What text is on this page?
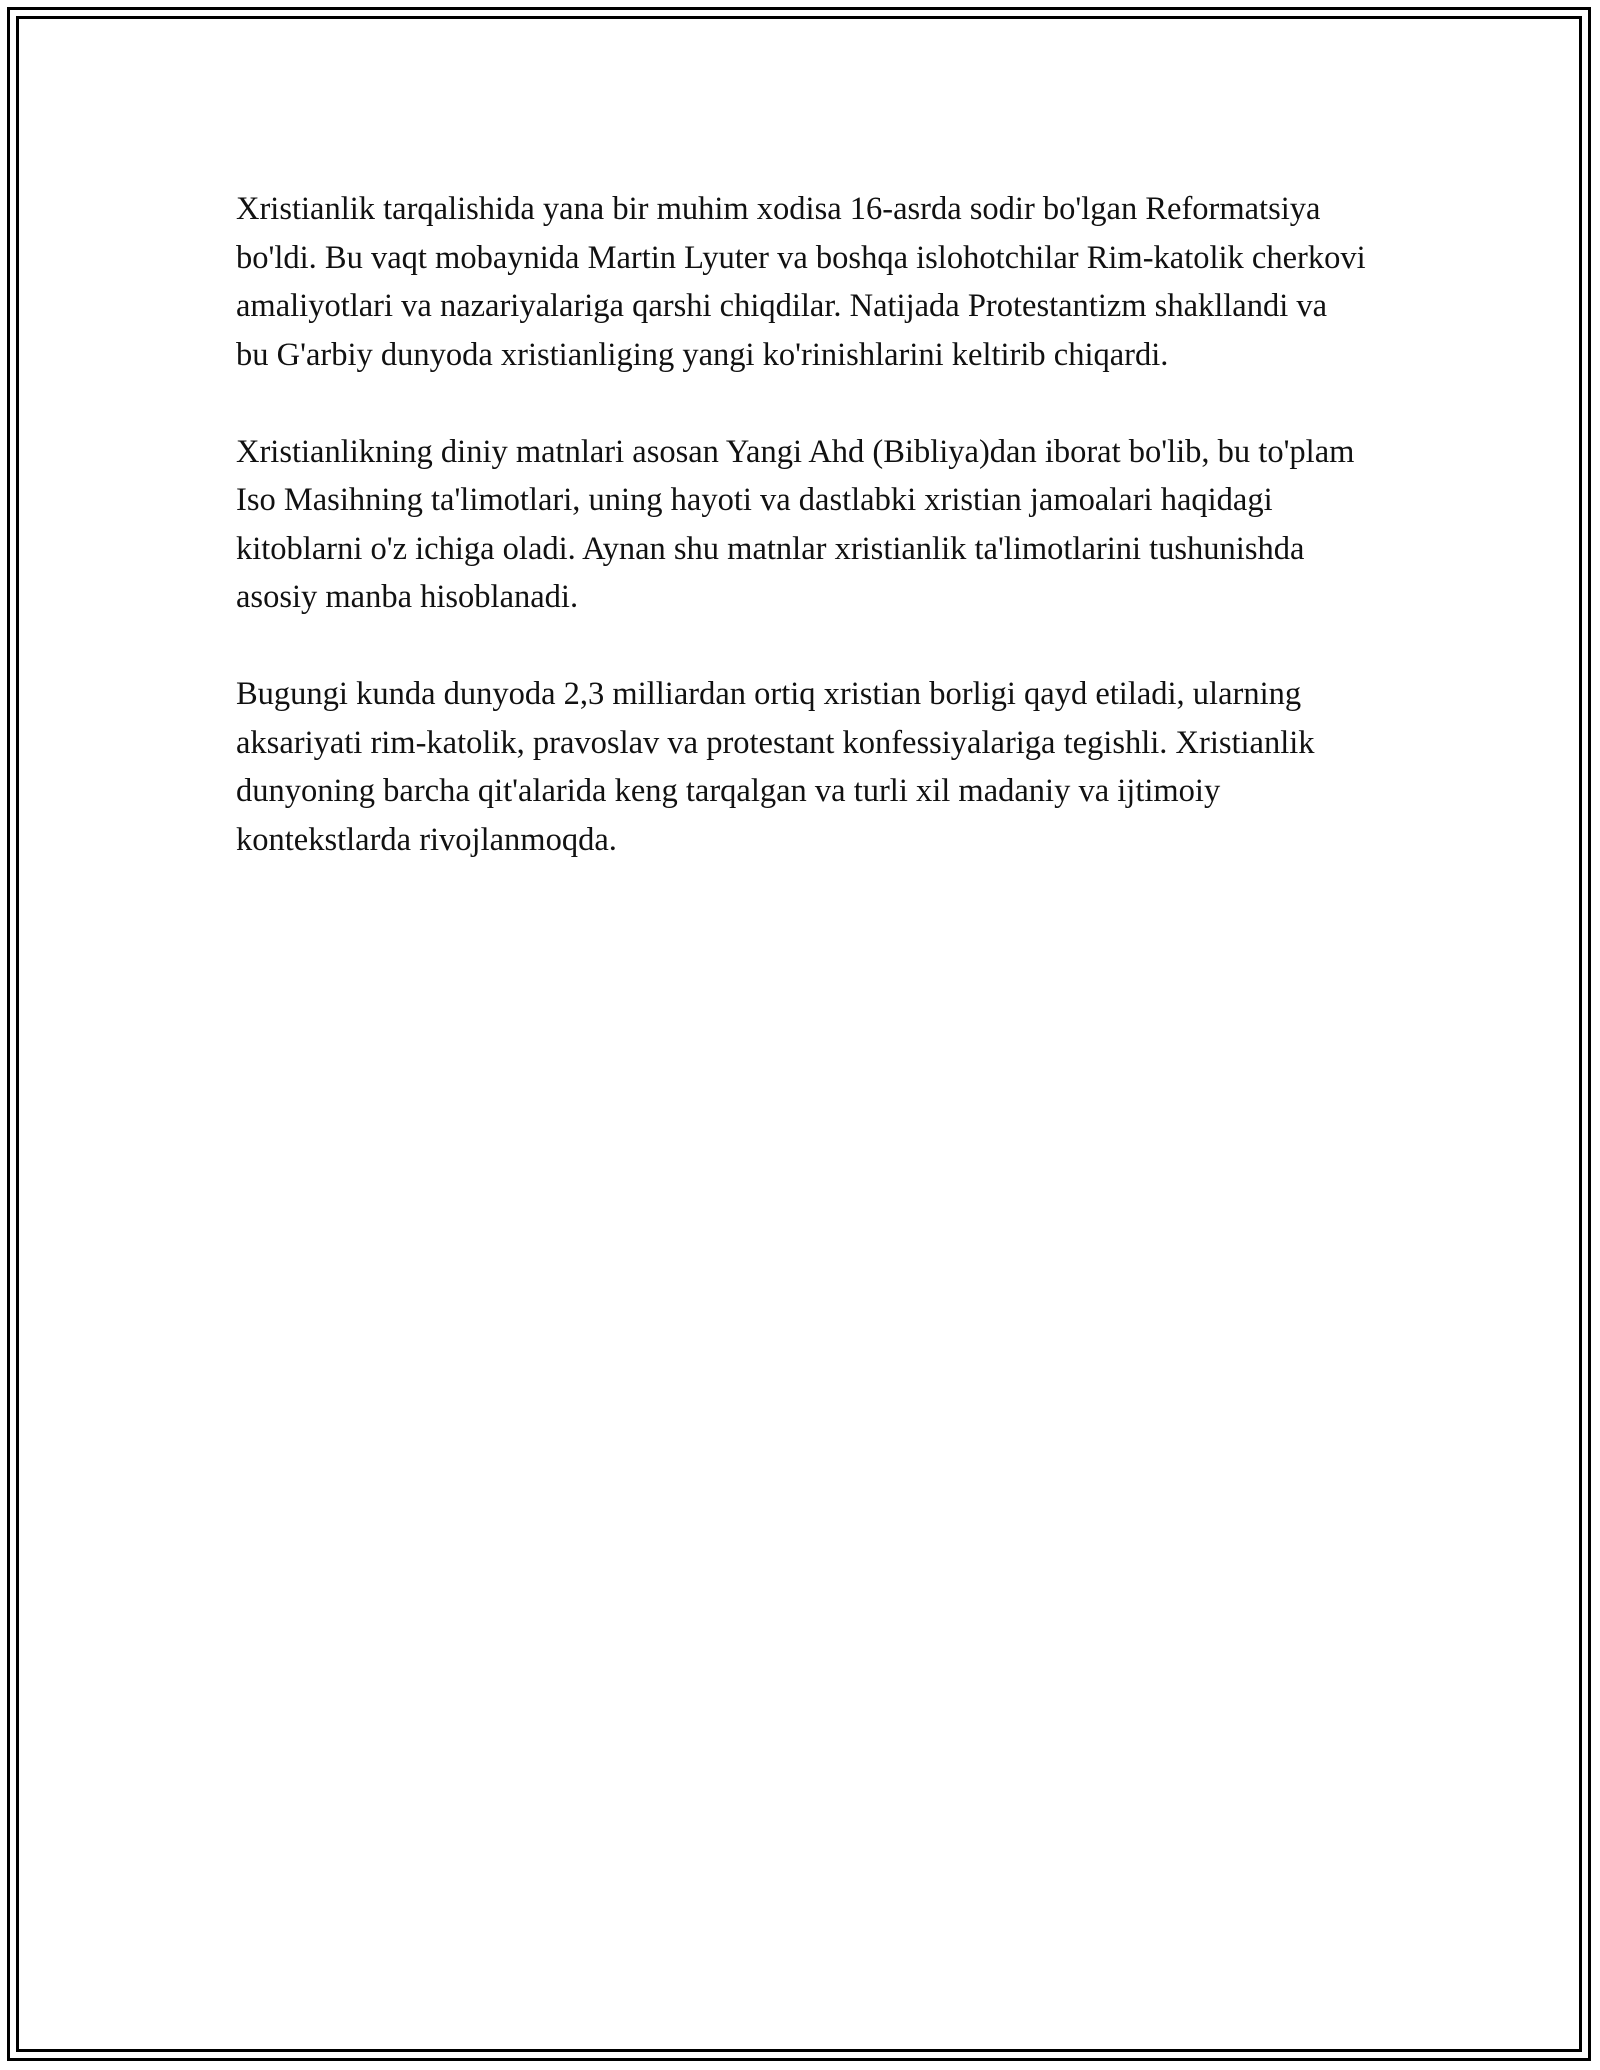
Xristianlik tarqalishida yana bir muhim xodisa 16-asrda sodir bo'lgan Reformatsiya bo'ldi. Bu vaqt mobaynida Martin Lyuter va boshqa islohotchilar Rim-katolik cherkovi amaliyotlari va nazariyalariga qarshi chiqdilar. Natijada Protestantizm shakllandi va bu G'arbiy dunyoda xristianliging yangi ko'rinishlarini keltirib chiqardi.

Xristianlikning diniy matnlari asosan Yangi Ahd (Bibliya)dan iborat bo'lib, bu to'plam Iso Masihning ta'limotlari, uning hayoti va dastlabki xristian jamoalari haqidagi kitoblarni o'z ichiga oladi. Aynan shu matnlar xristianlik ta'limotlarini tushunishda asosiy manba hisoblanadi.

Bugungi kunda dunyoda 2,3 milliardan ortiq xristian borligi qayd etiladi, ularning aksariyati rim-katolik, pravoslav va protestant konfessiyalariga tegishli. Xristianlik dunyoning barcha qit'alarida keng tarqalgan va turli xil madaniy va ijtimoiy kontekstlarda rivojlanmoqda.
